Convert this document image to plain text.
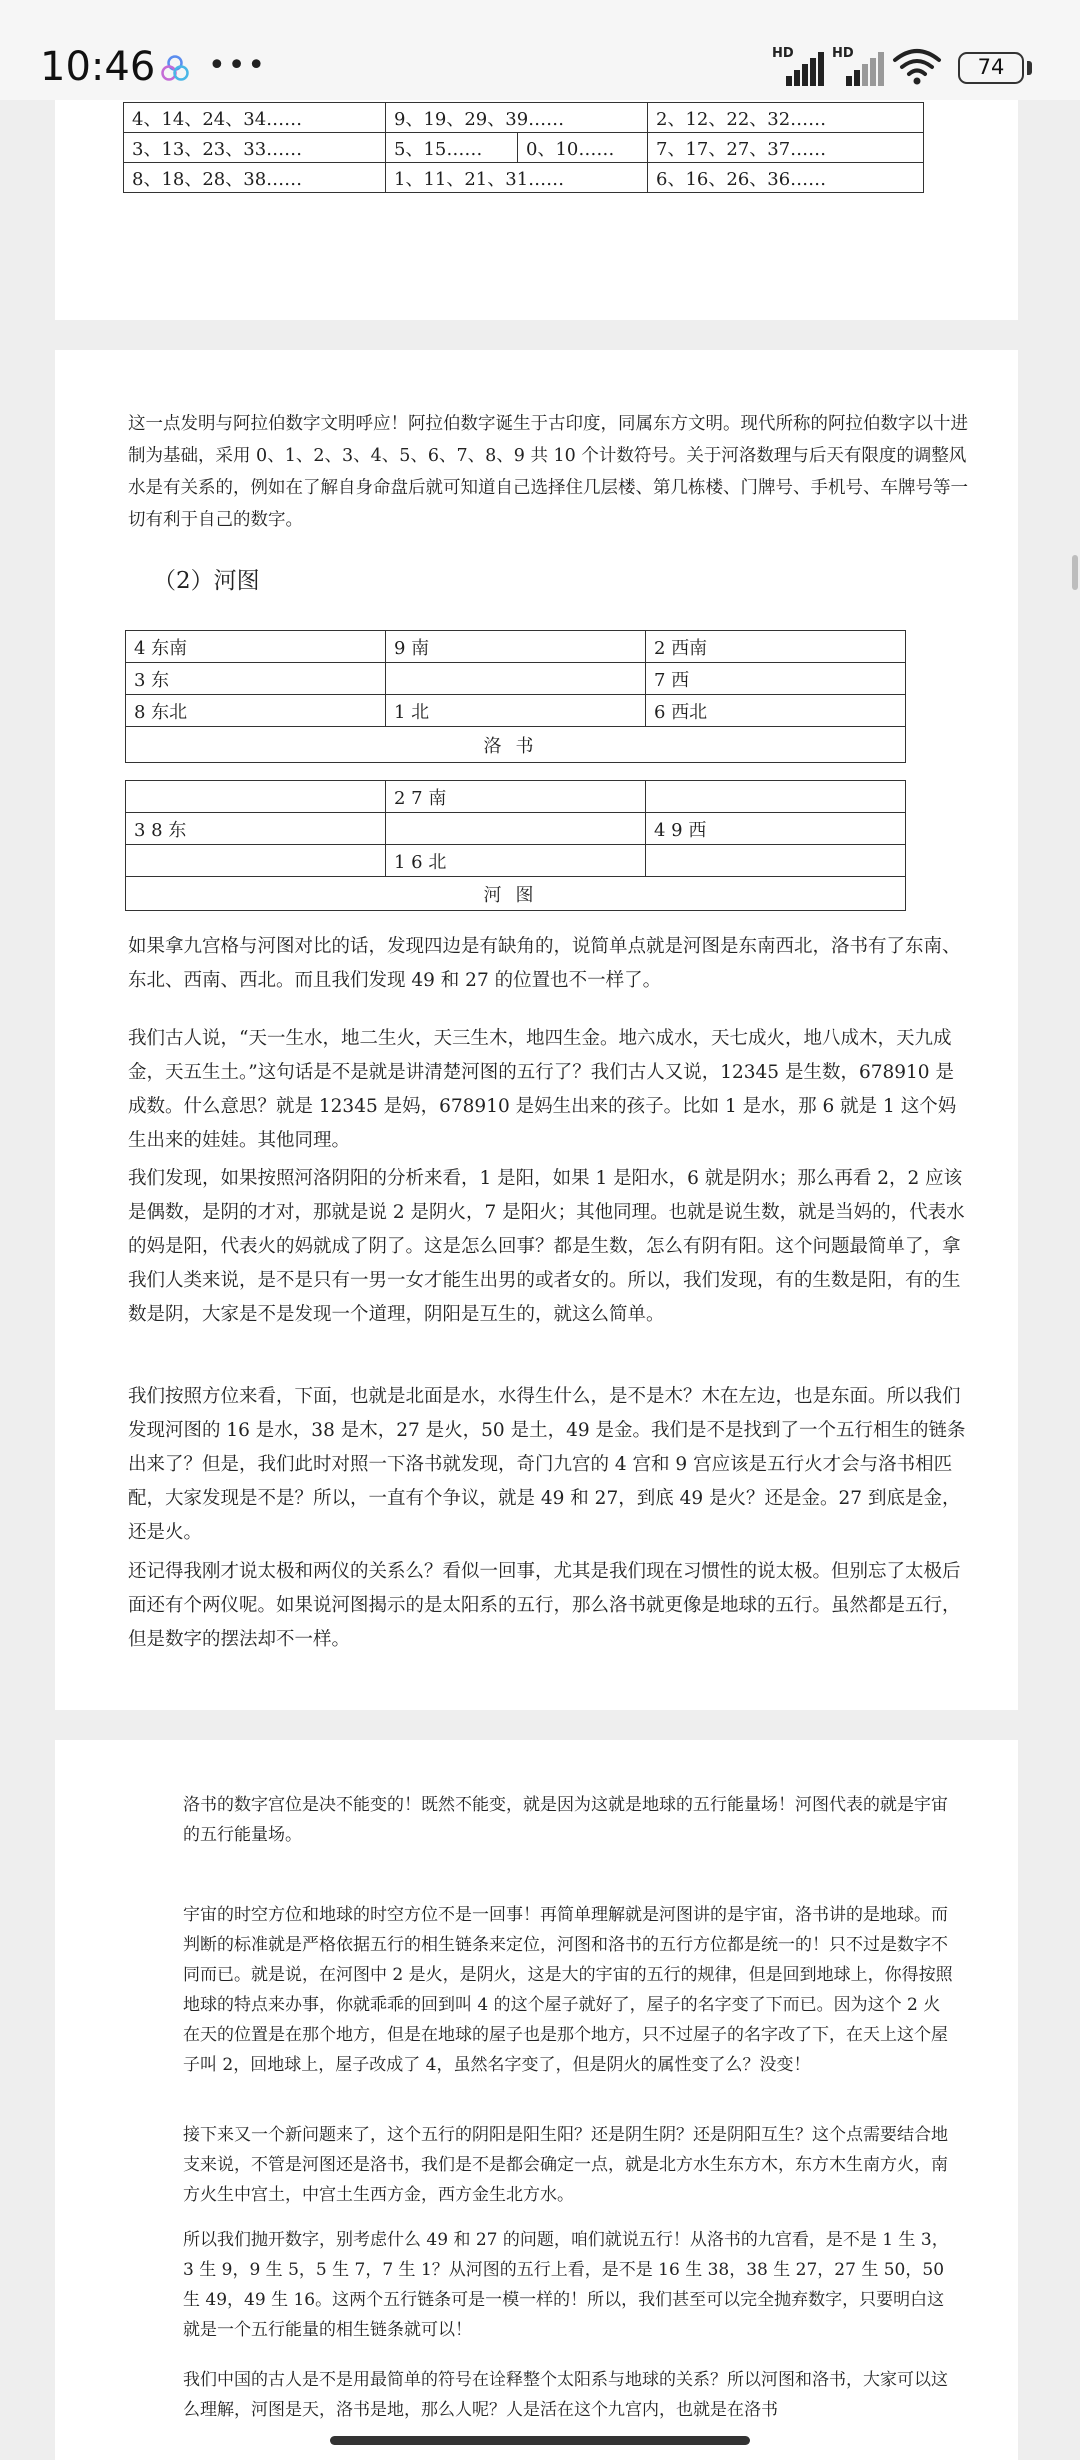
10:46 •••	HD	HD
74
4、14、24、34……	9、19、29、39……		2、12、22、32……
3、13、23、33……	5、15……	0、10……	7、17、27、37……
8、18、28、38……	1、11、21、31……		6、16、26、36……
这一点发明与阿拉伯数字文明呼应！阿拉伯数字诞生于古印度，同属东方文明。现代所称的阿拉伯数字以十进制为基础，采用 0、1、2、3、4、5、6、7、8、9 共 10 个计数符号。关于河洛数理与后天有限度的调整风水是有关系的，例如在了解自身命盘后就可知道自己选择住几层楼、第几栋楼、门牌号、手机号、车牌号等一切有利于自己的数字。
（2）河图
4 东南	9 南	2 西南
3 东		7 西
8 东北	1 北	6 西北
洛书		
	2 7 南	
3 8 东		4 9 西
	1 6 北	
河图		
如果拿九宫格与河图对比的话，发现四边是有缺角的，说简单点就是河图是东南西北，洛书有了东南、东北、西南、西北。而且我们发现 49 和 27 的位置也不一样了。
我们古人说，“天一生水，地二生火，天三生木，地四生金。地六成水，天七成火，地八成木，天九成金，天五生土。”这句话是不是就是讲清楚河图的五行了？我们古人又说，12345 是生数，678910 是成数。什么意思？就是 12345 是妈，678910 是妈生出来的孩子。比如 1 是水，那 6 就是 1 这个妈生出来的娃娃。其他同理。
我们发现，如果按照河洛阴阳的分析来看，1 是阳，如果 1 是阳水，6 就是阴水；那么再看 2，2 应该是偶数，是阴的才对，那就是说 2 是阴火，7 是阳火；其他同理。也就是说生数，就是当妈的，代表水的妈是阳，代表火的妈就成了阴了。这是怎么回事？都是生数，怎么有阴有阳。这个问题最简单了，拿我们人类来说，是不是只有一男一女才能生出男的或者女的。所以，我们发现，有的生数是阳，有的生数是阴，大家是不是发现一个道理，阴阳是互生的，就这么简单。
我们按照方位来看，下面，也就是北面是水，水得生什么，是不是木？木在左边，也是东面。所以我们发现河图的 16 是水，38 是木，27 是火，50 是土，49 是金。我们是不是找到了一个五行相生的链条出来了？但是，我们此时对照一下洛书就发现，奇门九宫的 4 宫和 9 宫应该是五行火才会与洛书相匹配，大家发现是不是？所以，一直有个争议，就是 49 和 27，到底 49 是火？还是金。27 到底是金，还是火。
还记得我刚才说太极和两仪的关系么？看似一回事，尤其是我们现在习惯性的说太极。但别忘了太极后面还有个两仪呢。如果说河图揭示的是太阳系的五行，那么洛书就更像是地球的五行。虽然都是五行，但是数字的摆法却不一样。
洛书的数字宫位是决不能变的！既然不能变，就是因为这就是地球的五行能量场！河图代表的就是宇宙的五行能量场。
宇宙的时空方位和地球的时空方位不是一回事！再简单理解就是河图讲的是宇宙，洛书讲的是地球。而判断的标准就是严格依据五行的相生链条来定位，河图和洛书的五行方位都是统一的！只不过是数字不同而已。就是说，在河图中 2 是火，是阴火，这是大的宇宙的五行的规律，但是回到地球上，你得按照地球的特点来办事，你就乖乖的回到叫 4 的这个屋子就好了，屋子的名字变了下而已。因为这个 2 火在天的位置是在那个地方，但是在地球的屋子也是那个地方，只不过屋子的名字改了下，在天上这个屋子叫 2，回地球上，屋子改成了 4，虽然名字变了，但是阴火的属性变了么？没变！
接下来又一个新问题来了，这个五行的阴阳是阳生阳？还是阴生阴？还是阴阳互生？这个点需要结合地支来说，不管是河图还是洛书，我们是不是都会确定一点，就是北方水生东方木，东方木生南方火，南方火生中宫土，中宫土生西方金，西方金生北方水。
所以我们抛开数字，别考虑什么 49 和 27 的问题，咱们就说五行！从洛书的九宫看，是不是 1 生 3，3 生 9，9 生 5，5 生 7，7 生 1？从河图的五行上看，是不是 16 生 38，38 生 27，27 生 50，50 生 49，49 生 16。这两个五行链条可是一模一样的！所以，我们甚至可以完全抛弃数字，只要明白这就是一个五行能量的相生链条就可以！
我们中国的古人是不是用最简单的符号在诠释整个太阳系与地球的关系？所以河图和洛书，大家可以这么理解，河图是天，洛书是地，那么人呢？人是活在这个九宫内，也就是在洛书
